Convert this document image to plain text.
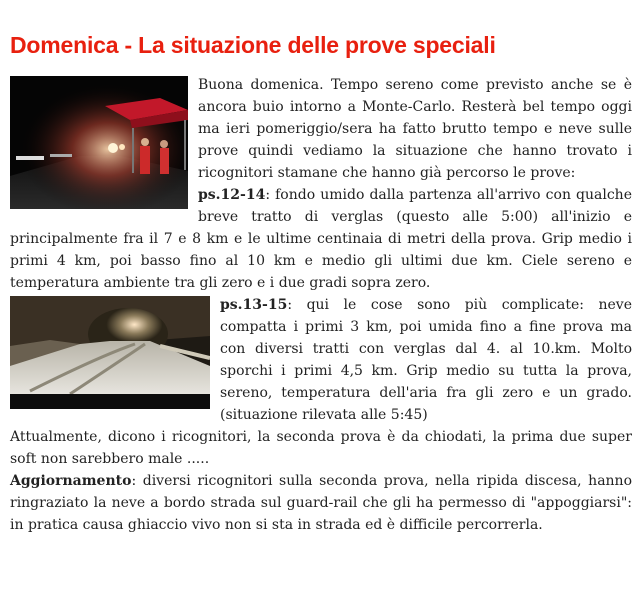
Domenica - La situazione delle prove speciali

Buona domenica. Tempo sereno come previsto anche se è ancora buio intorno a Monte-Carlo. Resterà bel tempo oggi ma ieri pomeriggio/sera ha fatto brutto tempo e neve sulle prove quindi vediamo la situazione che hanno trovato i ricognitori stamane che hanno già percorso le prove:

ps.12-14: fondo umido dalla partenza all'arrivo con qualche breve tratto di verglas (questo alle 5:00) all'inizio e principalmente fra il 7 e 8 km e le ultime centinaia di metri della prova. Grip medio i primi 4 km, poi basso fino al 10 km e medio gli ultimi due km. Ciele sereno e temperatura ambiente tra gli zero e i due gradi sopra zero.

ps.13-15: qui le cose sono più complicate: neve compatta i primi 3 km, poi umida fino a fine prova ma con diversi tratti con verglas dal 4. al 10.km. Molto sporchi i primi 4,5 km. Grip medio su tutta la prova, sereno, temperatura dell'aria fra gli zero e un grado. (situazione rilevata alle 5:45)

Attualmente, dicono i ricognitori, la seconda prova è da chiodati, la prima due super soft non sarebbero male .....

Aggiornamento: diversi ricognitori sulla seconda prova, nella ripida discesa, hanno ringraziato la neve a bordo strada sul guard-rail che gli ha permesso di "appoggiarsi": in pratica causa ghiaccio vivo non si sta in strada ed è difficile percorrerla.
